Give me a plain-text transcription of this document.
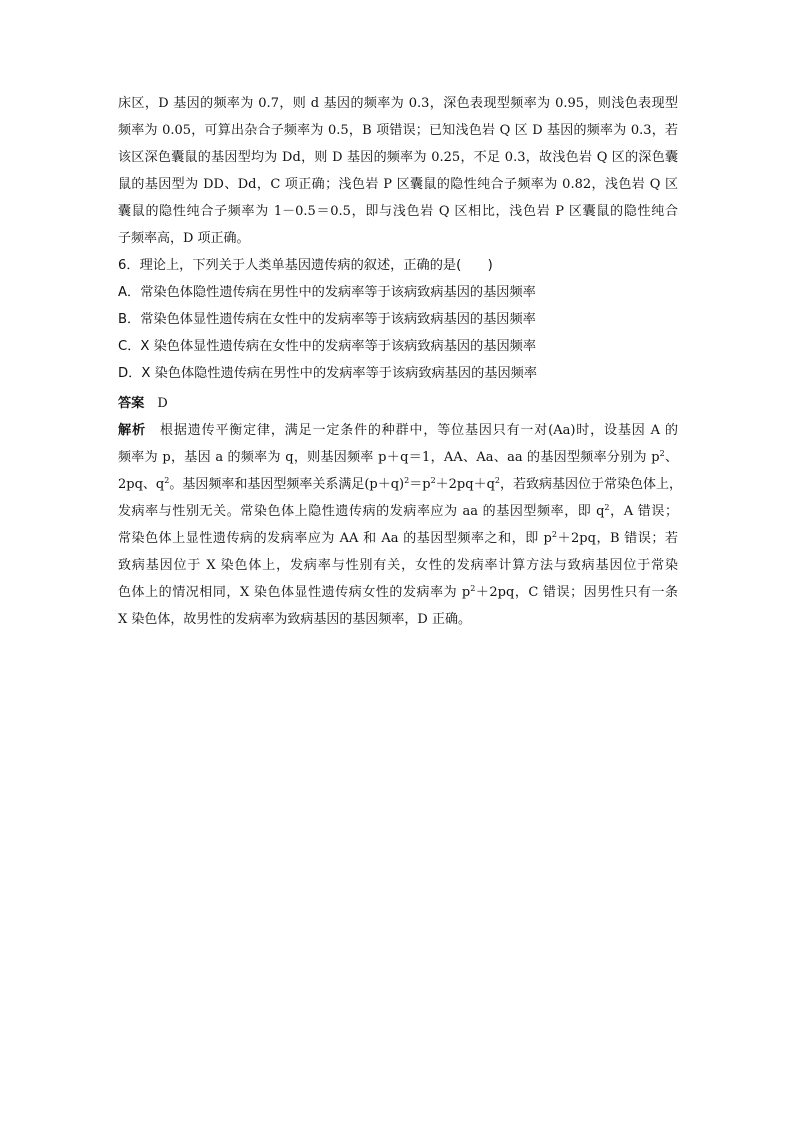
床区，D 基因的频率为 0.7，则 d 基因的频率为 0.3，深色表现型频率为 0.95，则浅色表现型
频率为 0.05，可算出杂合子频率为 0.5，B 项错误；已知浅色岩 Q 区 D 基因的频率为 0.3，若
该区深色囊鼠的基因型均为 Dd，则 D 基因的频率为 0.25，不足 0.3，故浅色岩 Q 区的深色囊
鼠的基因型为 DD、Dd，C 项正确；浅色岩 P 区囊鼠的隐性纯合子频率为 0.82，浅色岩 Q 区
囊鼠的隐性纯合子频率为 1－0.5＝0.5，即与浅色岩 Q 区相比，浅色岩 P 区囊鼠的隐性纯合
子频率高，D 项正确。
6．理论上，下列关于人类单基因遗传病的叙述，正确的是(　　)
A．常染色体隐性遗传病在男性中的发病率等于该病致病基因的基因频率
B．常染色体显性遗传病在女性中的发病率等于该病致病基因的基因频率
C．X 染色体显性遗传病在女性中的发病率等于该病致病基因的基因频率
D．X 染色体隐性遗传病在男性中的发病率等于该病致病基因的基因频率
答案　 D
解析　 根据遗传平衡定律，满足一定条件的种群中，等位基因只有一对(Aa)时，设基因 A 的
频率为 p，基因 a 的频率为 q，则基因频率 p＋q＝1，AA、Aa、aa 的基因型频率分别为 $p^2$、
2pq、$q^2$。基因频率和基因型频率关系满足$(p+q)^2=p^2+2pq+q^2$，若致病基因位于常染色体上，
发病率与性别无关。常染色体上隐性遗传病的发病率应为 aa 的基因型频率，即 $q^2$，A 错误；
常染色体上显性遗传病的发病率应为 AA 和 Aa 的基因型频率之和，即 $p^2+2pq$，B 错误；若
致病基因位于 X 染色体上，发病率与性别有关，女性的发病率计算方法与致病基因位于常染
色体上的情况相同，X 染色体显性遗传病女性的发病率为 $p^2+2pq$，C 错误；因男性只有一条
X 染色体，故男性的发病率为致病基因的基因频率，D 正确。
